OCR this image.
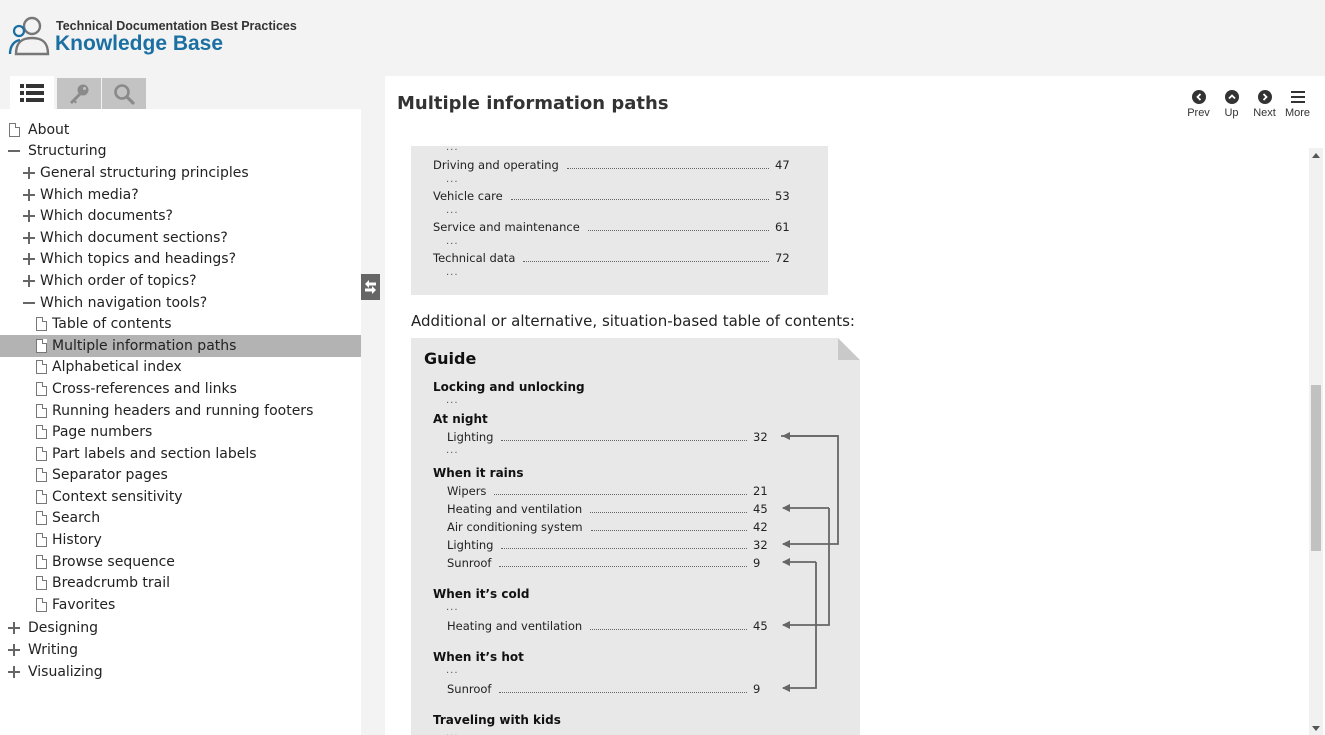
Technical Documentation Best Practices
Knowledge Base
About
Structuring
General structuring principles
Which media?
Which documents?
Which document sections?
Which topics and headings?
Which order of topics?
Which navigation tools?
Table of contents
Multiple information paths
Alphabetical index
Cross-references and links
Running headers and running footers
Page numbers
Part labels and section labels
Separator pages
Context sensitivity
Search
History
Browse sequence
Breadcrumb trail
Favorites
Designing
Writing
Visualizing
Multiple information paths	Prev Up Next More
...
Driving and operating	47
...
Vehicle care	53
...
Service and maintenance	61
...
Technical data	72
...
Additional or alternative, situation-based table of contents:
Guide
Locking and unlocking
...
At night
Lighting	32
...
When it rains
Wipers	21
Heating and ventilation	45
Air conditioning system	42
Lighting	32
Sunroof	9
When it’s cold
...
Heating and ventilation	45
When it’s hot
...
Sunroof	9
Traveling with kids
...
